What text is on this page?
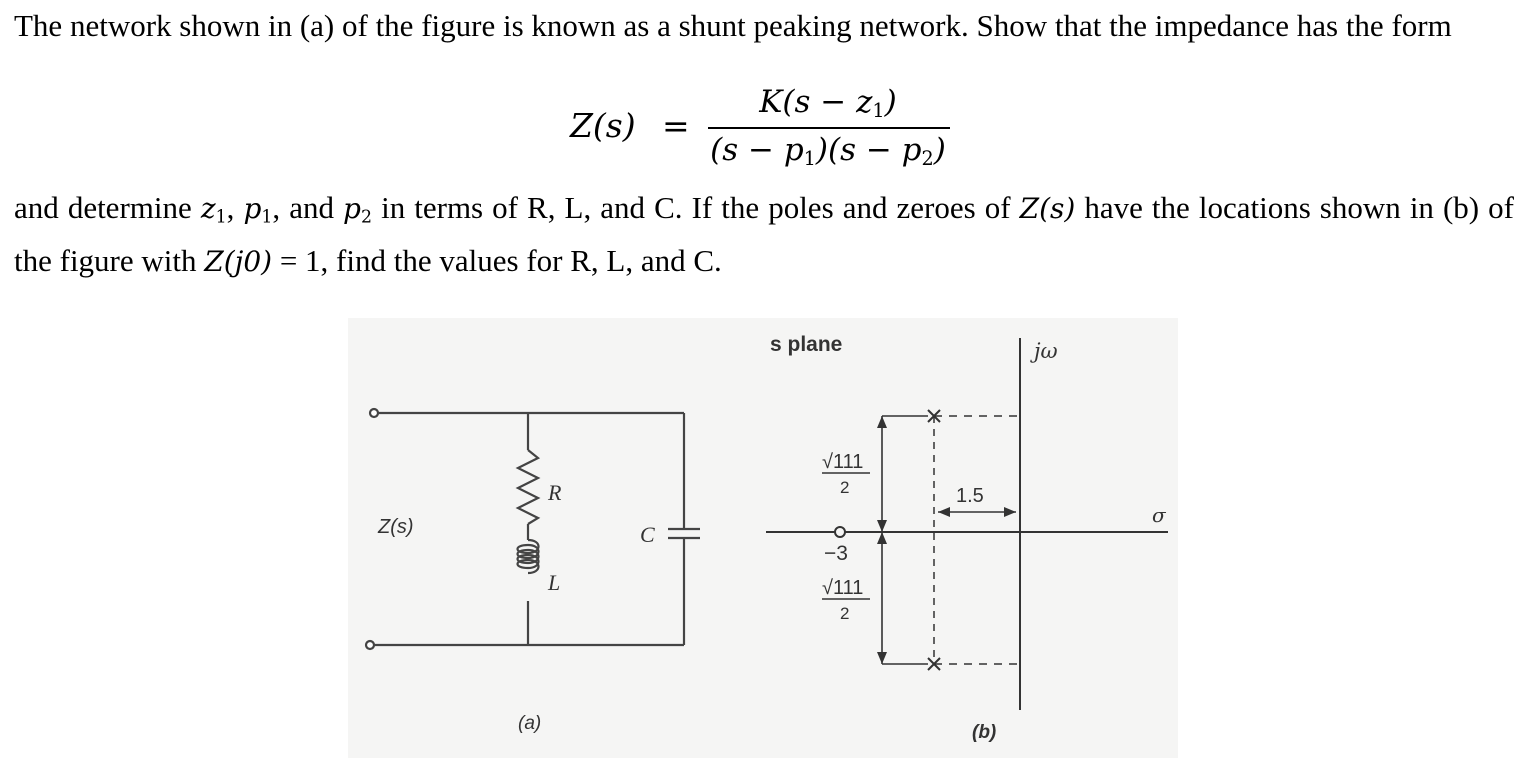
The network shown in (a) of the figure is known as a shunt peaking network. Show that the impedance has the form
Z(s) =
$K(s - z_1)$
$(s - p_1)(s - p_2)$
and determine $z_1$, $p_1$, and $p_2$ in terms of R, L, and C. If the poles and zeroes of Z(s) have the locations shown in (b) of the figure with Z(j0) = 1, find the values for R, L, and C.
Z(s)
R
L
C
(a)
s plane	jω
σ
−3
1.5
√111
2
√111
2
(b)
